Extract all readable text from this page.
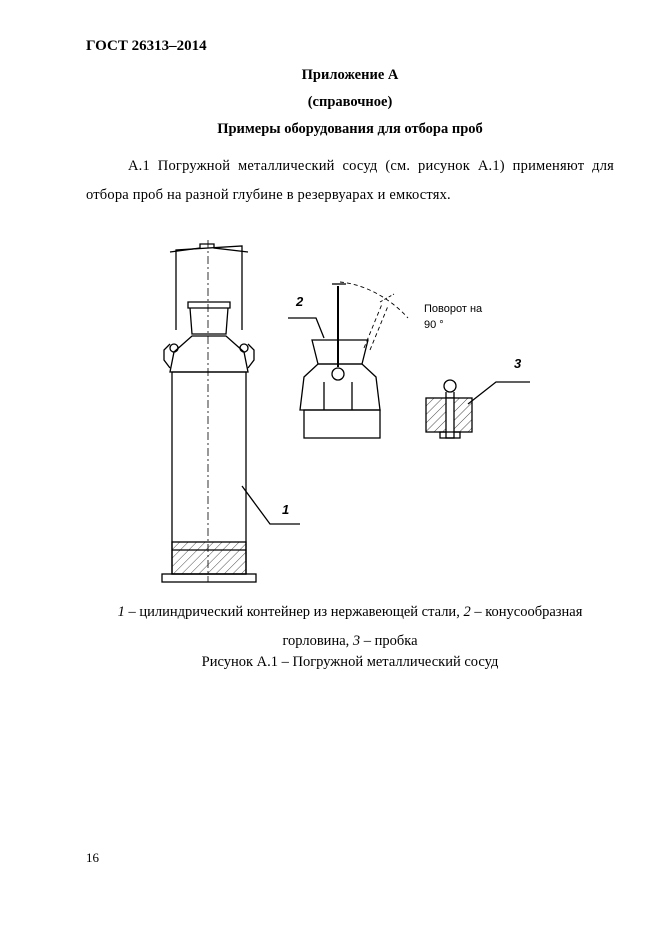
ГОСТ 26313–2014
Приложение А
(справочное)
Примеры оборудования для отбора проб
А.1 Погружной металлический сосуд (см. рисунок А.1) применяют для отбора проб на разной глубине в резервуарах и емкостях.
1
2	Поворот на
90 °
3
1 – цилиндрический контейнер из нержавеющей стали, 2 – конусообразная горловина, 3 – пробка
Рисунок А.1 – Погружной металлический сосуд
16
